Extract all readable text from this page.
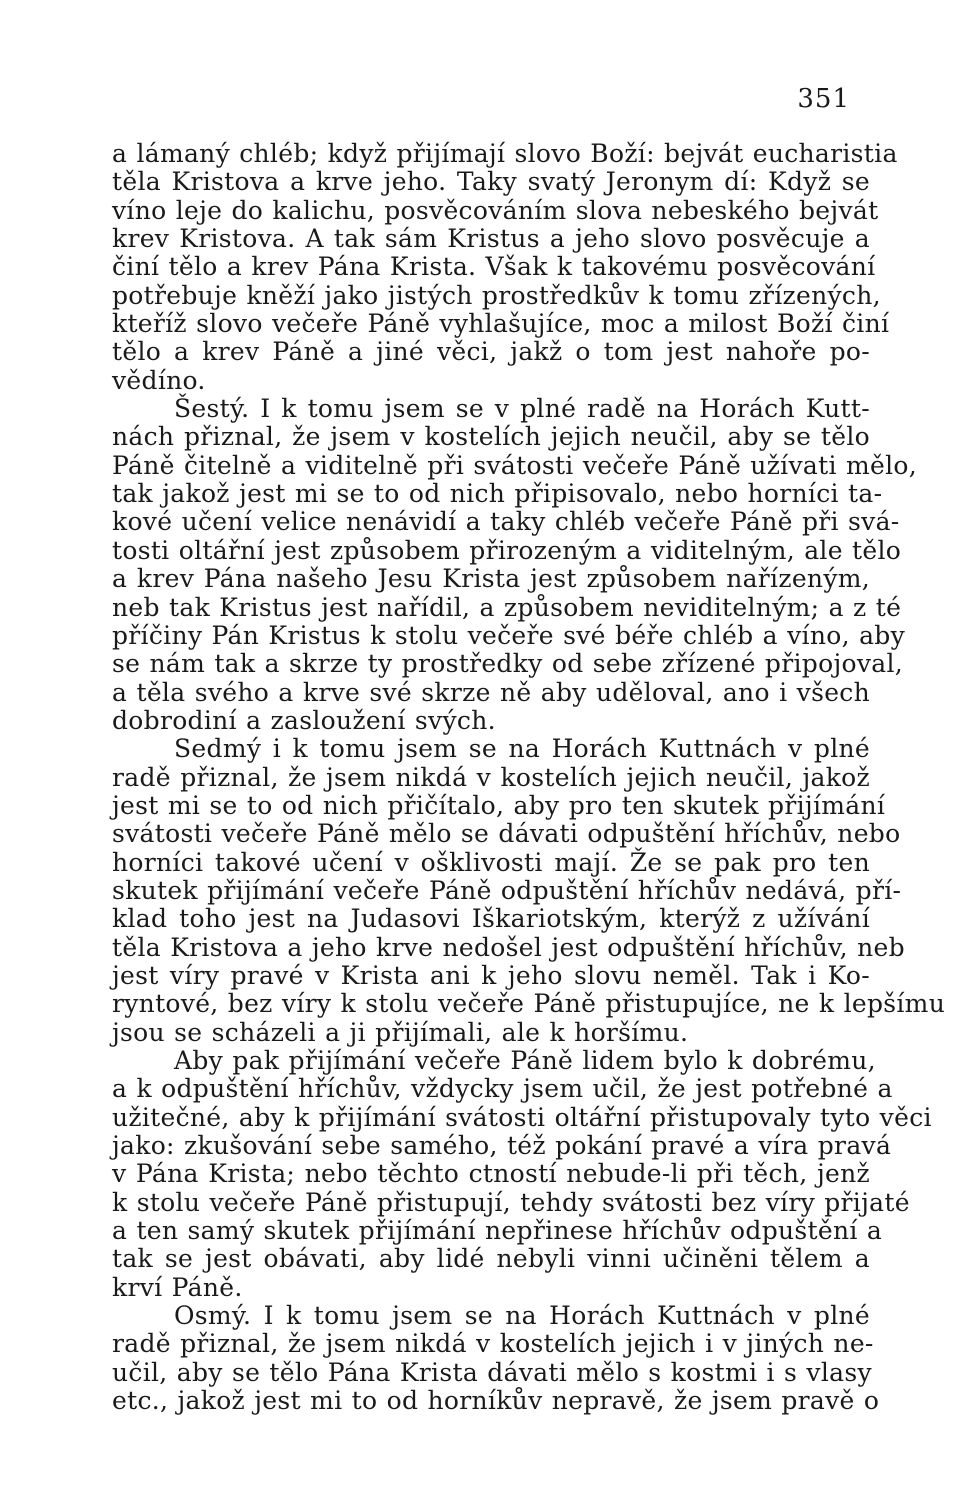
351
a lámaný chléb; když přijímají slovo Boží: bejvát eucharistia
těla Kristova a krve jeho. Taky svatý Jeronym dí: Když se
víno leje do kalichu, posvěcováním slova nebeského bejvát
krev Kristova. A tak sám Kristus a jeho slovo posvěcuje a
činí tělo a krev Pána Krista. Však k takovému posvěcování
potřebuje kněží jako jistých prostředkův k tomu zřízených,
kteříž slovo večeře Páně vyhlašujíce, moc a milost Boží činí
tělo a krev Páně a jiné věci, jakž o tom jest nahoře po-
vědíno.
Šestý. I k tomu jsem se v plné radě na Horách Kutt-
nách přiznal, že jsem v kostelích jejich neučil, aby se tělo
Páně čitelně a viditelně při svátosti večeře Páně užívati mělo,
tak jakož jest mi se to od nich připisovalo, nebo horníci ta-
kové učení velice nenávidí a taky chléb večeře Páně při svá-
tosti oltářní jest způsobem přirozeným a viditelným, ale tělo
a krev Pána našeho Jesu Krista jest způsobem nařízeným,
neb tak Kristus jest nařídil, a způsobem neviditelným; a z té
příčiny Pán Kristus k stolu večeře své béře chléb a víno, aby
se nám tak a skrze ty prostředky od sebe zřízené připojoval,
a těla svého a krve své skrze ně aby uděloval, ano i všech
dobrodiní a zasloužení svých.
Sedmý i k tomu jsem se na Horách Kuttnách v plné
radě přiznal, že jsem nikdá v kostelích jejich neučil, jakož
jest mi se to od nich přičítalo, aby pro ten skutek přijímání
svátosti večeře Páně mělo se dávati odpuštění hříchův, nebo
horníci takové učení v ošklivosti mají. Že se pak pro ten
skutek přijímání večeře Páně odpuštění hříchův nedává, pří-
klad toho jest na Judasovi Iškariotským, kterýž z užívání
těla Kristova a jeho krve nedošel jest odpuštění hříchův, neb
jest víry pravé v Krista ani k jeho slovu neměl. Tak i Ko-
ryntové, bez víry k stolu večeře Páně přistupujíce, ne k lepšímu
jsou se scházeli a ji přijímali, ale k horšímu.
Aby pak přijímání večeře Páně lidem bylo k dobrému,
a k odpuštění hříchův, vždycky jsem učil, že jest potřebné a
užitečné, aby k přijímání svátosti oltářní přistupovaly tyto věci
jako: zkušování sebe samého, též pokání pravé a víra pravá
v Pána Krista; nebo těchto ctností nebude-li při těch, jenž
k stolu večeře Páně přistupují, tehdy svátosti bez víry přijaté
a ten samý skutek přijímání nepřinese hříchův odpuštění a
tak se jest obávati, aby lidé nebyli vinni učiněni tělem a
krví Páně.
Osmý. I k tomu jsem se na Horách Kuttnách v plné
radě přiznal, že jsem nikdá v kostelích jejich i v jiných ne-
učil, aby se tělo Pána Krista dávati mělo s kostmi i s vlasy
etc., jakož jest mi to od horníkův nepravě, že jsem pravě o
